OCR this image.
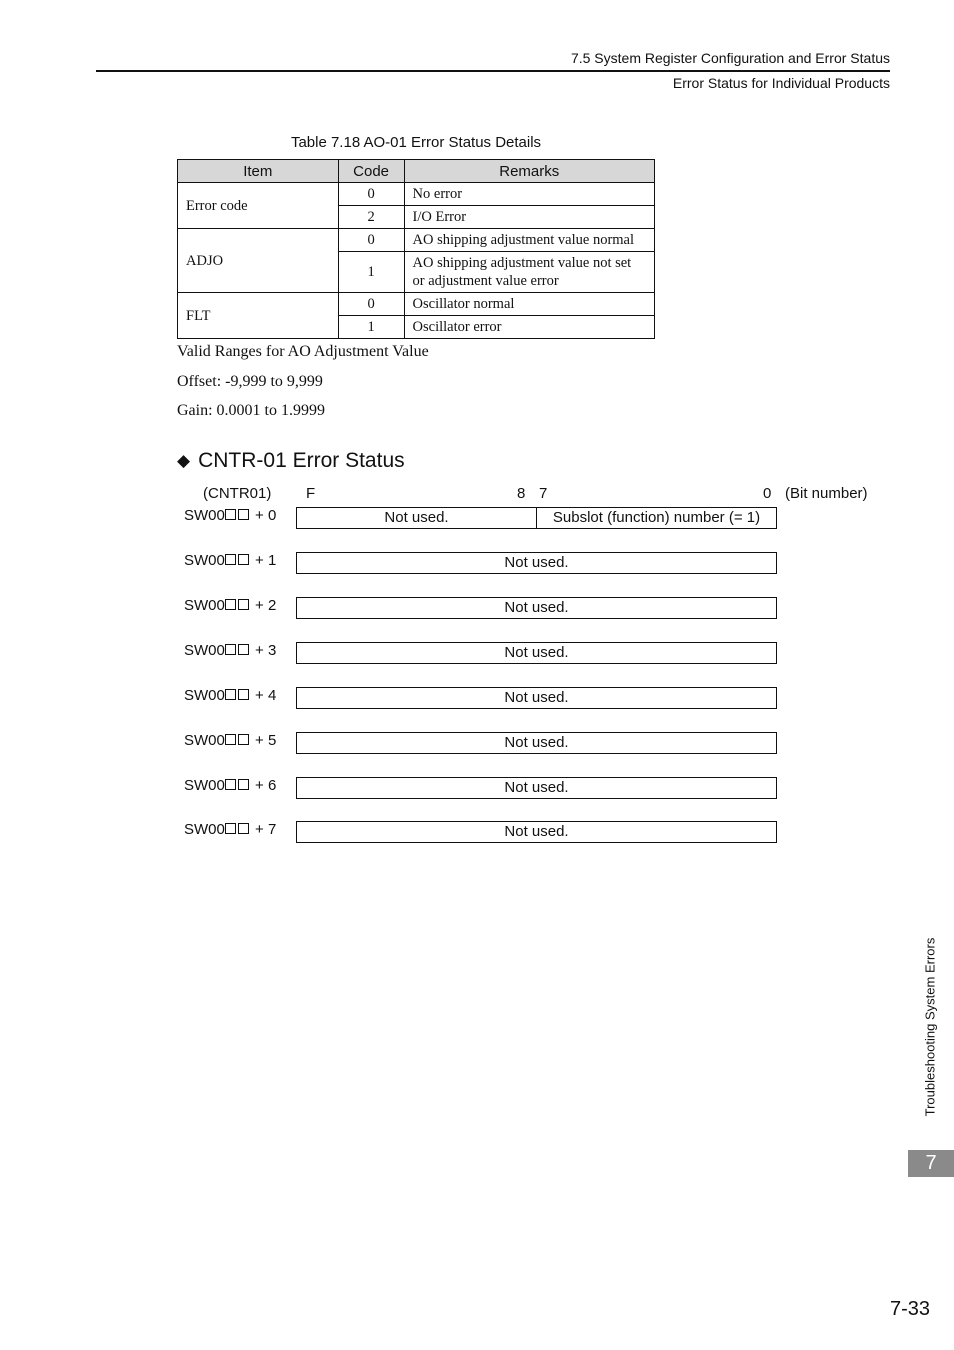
7.5 System Register Configuration and Error Status
Error Status for Individual Products
Table 7.18 AO-01 Error Status Details
Item	Code	Remarks
Error code	0	No error
	2	I/O Error
ADJO	0	AO shipping adjustment value normal
	1	AO shipping adjustment value not set or adjustment value error
FLT	0	Oscillator normal
	1	Oscillator error
Valid Ranges for AO Adjustment Value
Offset: -9,999 to 9,999
Gain: 0.0001 to 1.9999
◆ CNTR-01 Error Status
(CNTR01) F	8 7	0 (Bit number)
SW00 + 0	Not used.	Subslot (function) number (= 1)
SW00 + 1	Not used.
SW00 + 2	Not used.
SW00 + 3	Not used.
SW00 + 4	Not used.
SW00 + 5	Not used.
SW00 + 6	Not used.
SW00 + 7	Not used.
Troubleshooting System Errors
7
7-33
